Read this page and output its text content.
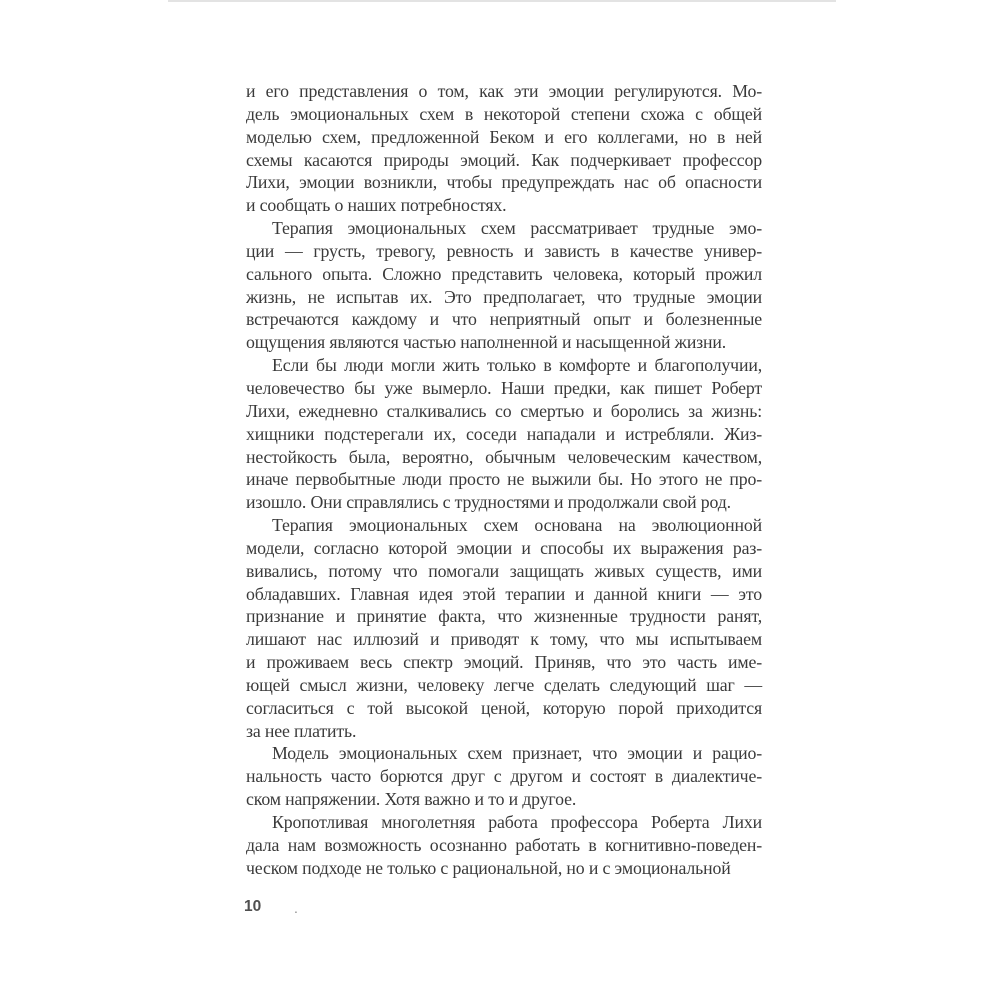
и его представления о том, как эти эмоции регулируются. Мо-
дель эмоциональных схем в некоторой степени схожа с общей
моделью схем, предложенной Беком и его коллегами, но в ней
схемы касаются природы эмоций. Как подчеркивает профессор
Лихи, эмоции возникли, чтобы предупреждать нас об опасности
и сообщать о наших потребностях.
Терапия эмоциональных схем рассматривает трудные эмо-
ции — грусть, тревогу, ревность и зависть в качестве универ-
сального опыта. Сложно представить человека, который прожил
жизнь, не испытав их. Это предполагает, что трудные эмоции
встречаются каждому и что неприятный опыт и болезненные
ощущения являются частью наполненной и насыщенной жизни.
Если бы люди могли жить только в комфорте и благополучии,
человечество бы уже вымерло. Наши предки, как пишет Роберт
Лихи, ежедневно сталкивались со смертью и боролись за жизнь:
хищники подстерегали их, соседи нападали и истребляли. Жиз-
нестойкость была, вероятно, обычным человеческим качеством,
иначе первобытные люди просто не выжили бы. Но этого не про-
изошло. Они справлялись с трудностями и продолжали свой род.
Терапия эмоциональных схем основана на эволюционной
модели, согласно которой эмоции и способы их выражения раз-
вивались, потому что помогали защищать живых существ, ими
обладавших. Главная идея этой терапии и данной книги — это
признание и принятие факта, что жизненные трудности ранят,
лишают нас иллюзий и приводят к тому, что мы испытываем
и проживаем весь спектр эмоций. Приняв, что это часть име-
ющей смысл жизни, человеку легче сделать следующий шаг —
согласиться с той высокой ценой, которую порой приходится
за нее платить.
Модель эмоциональных схем признает, что эмоции и рацио-
нальность часто борются друг с другом и состоят в диалектиче-
ском напряжении. Хотя важно и то и другое.
Кропотливая многолетняя работа профессора Роберта Лихи
дала нам возможность осознанно работать в когнитивно-поведен-
ческом подходе не только с рациональной, но и с эмоциональной
10 .
